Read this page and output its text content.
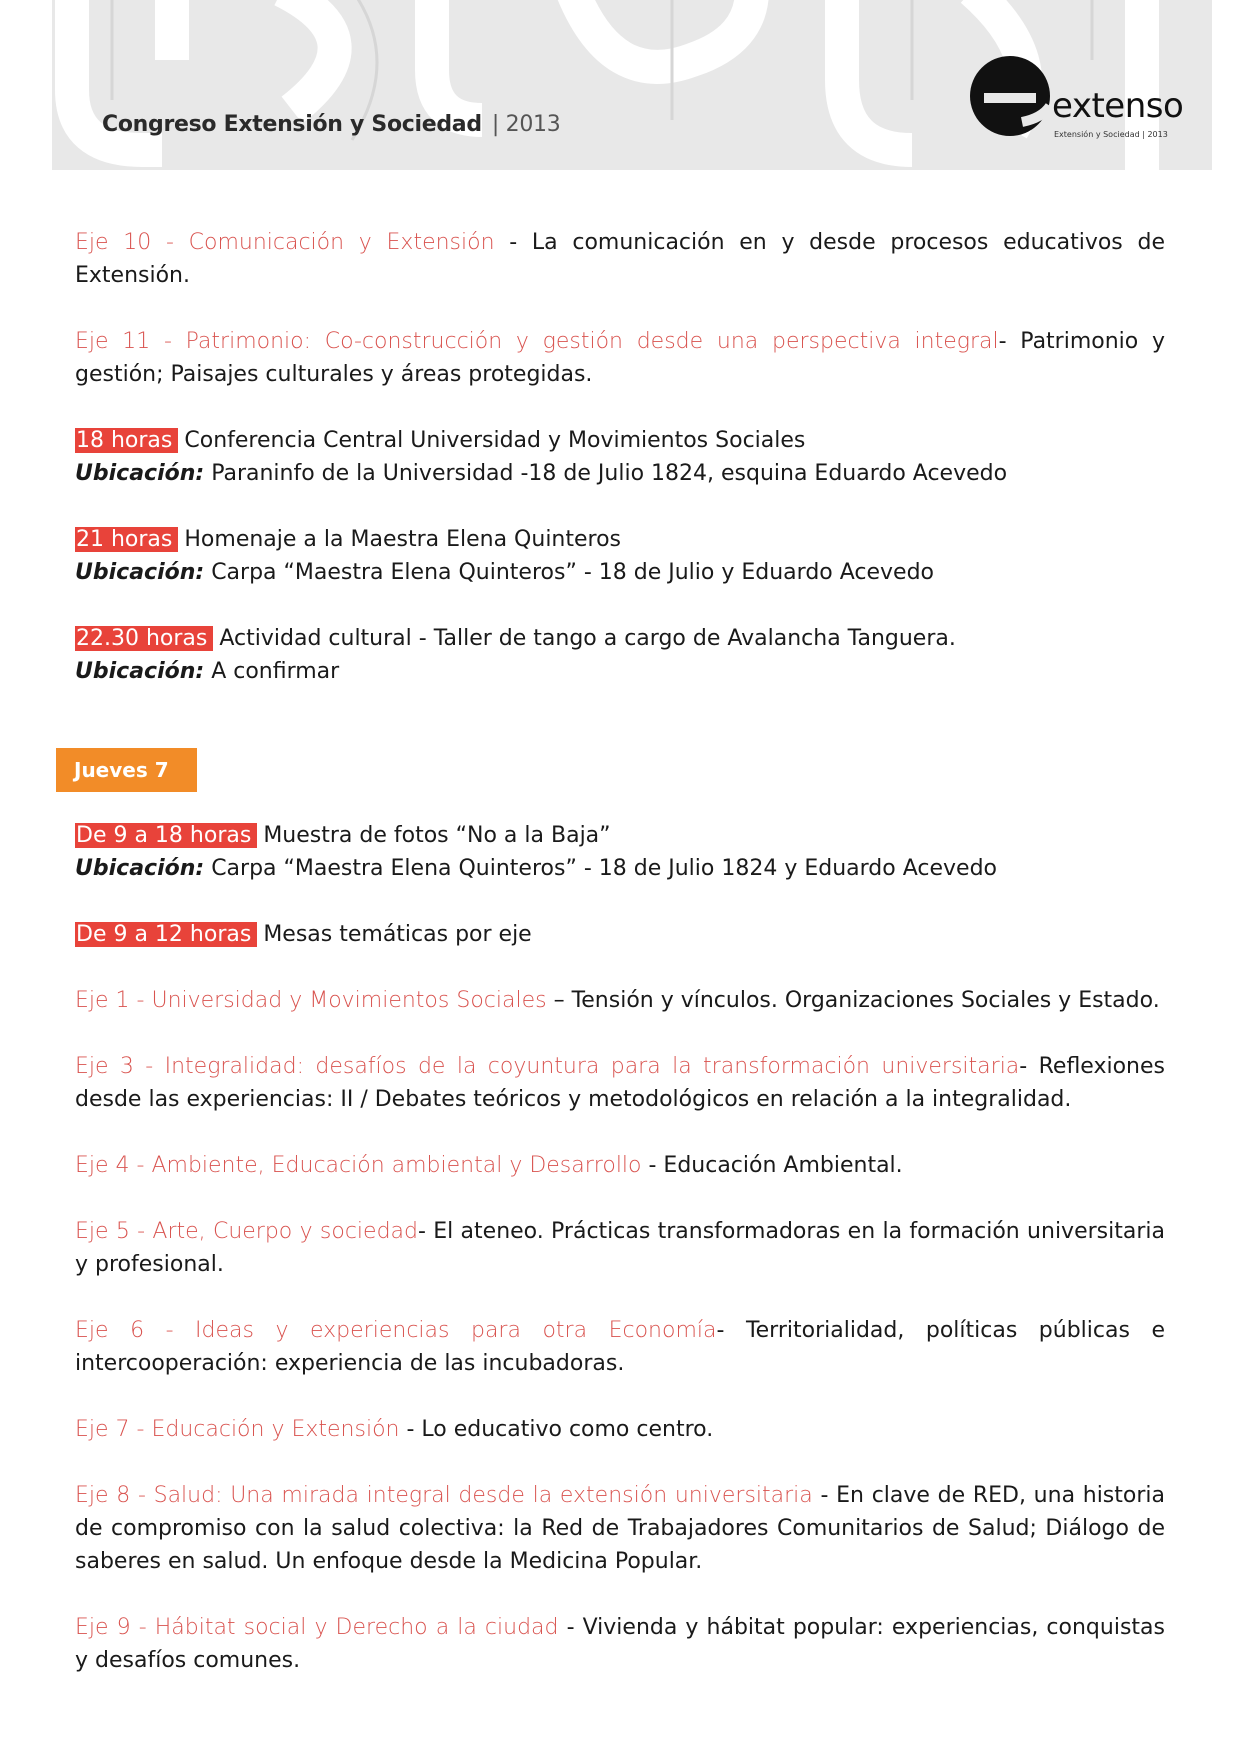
Congreso Extensión y Sociedad | 2013	extenso
Extensión y Sociedad | 2013

Eje 10 - Comunicación y Extensión - La comunicación en y desde procesos educativos de Extensión.

Eje 11 - Patrimonio: Co-construcción y gestión desde una perspectiva integral- Patrimonio y gestión; Paisajes culturales y áreas protegidas.

18 horas Conferencia Central Universidad y Movimientos Sociales
Ubicación: Paraninfo de la Universidad -18 de Julio 1824, esquina Eduardo Acevedo
21 horas Homenaje a la Maestra Elena Quinteros
Ubicación: Carpa “Maestra Elena Quinteros” - 18 de Julio y Eduardo Acevedo
22.30 horas Actividad cultural - Taller de tango a cargo de Avalancha Tanguera.
Ubicación: A confirmar
Jueves 7
De 9 a 18 horas Muestra de fotos “No a la Baja”
Ubicación: Carpa “Maestra Elena Quinteros” - 18 de Julio 1824 y Eduardo Acevedo
De 9 a 12 horas Mesas temáticas por eje

Eje 1 - Universidad y Movimientos Sociales – Tensión y vínculos. Organizaciones Sociales y Estado.

Eje 3 - Integralidad: desafíos de la coyuntura para la transformación universitaria- Reflexiones desde las experiencias: II / Debates teóricos y metodológicos en relación a la integralidad.

Eje 4 - Ambiente, Educación ambiental y Desarrollo - Educación Ambiental.

Eje 5 - Arte, Cuerpo y sociedad- El ateneo. Prácticas transformadoras en la formación universitaria y profesional.

Eje 6 - Ideas y experiencias para otra Economía- Territorialidad, políticas públicas e intercooperación: experiencia de las incubadoras.

Eje 7 - Educación y Extensión - Lo educativo como centro.

Eje 8 - Salud: Una mirada integral desde la extensión universitaria - En clave de RED, una historia de compromiso con la salud colectiva: la Red de Trabajadores Comunitarios de Salud; Diálogo de saberes en salud. Un enfoque desde la Medicina Popular.

Eje 9 - Hábitat social y Derecho a la ciudad - Vivienda y hábitat popular: experiencias, conquistas y desafíos comunes.
